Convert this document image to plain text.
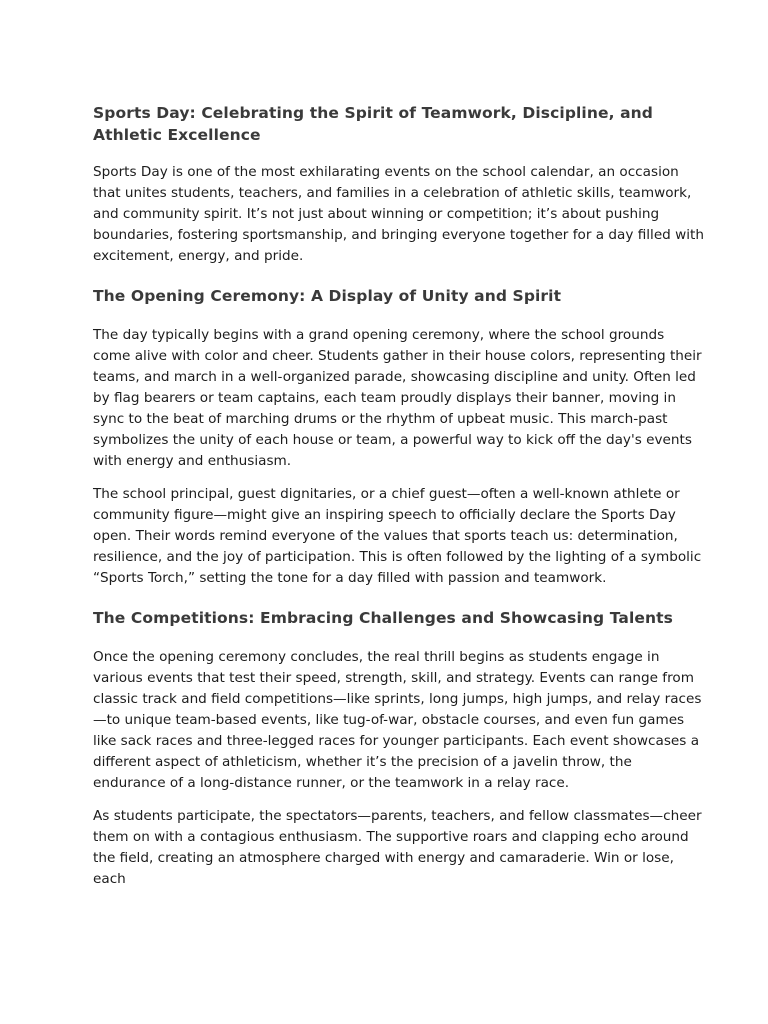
Sports Day: Celebrating the Spirit of Teamwork, Discipline, and Athletic Excellence

Sports Day is one of the most exhilarating events on the school calendar, an occasion that unites students, teachers, and families in a celebration of athletic skills, teamwork, and community spirit. It’s not just about winning or competition; it’s about pushing boundaries, fostering sportsmanship, and bringing everyone together for a day filled with excitement, energy, and pride.

The Opening Ceremony: A Display of Unity and Spirit

The day typically begins with a grand opening ceremony, where the school grounds come alive with color and cheer. Students gather in their house colors, representing their teams, and march in a well-organized parade, showcasing discipline and unity. Often led by flag bearers or team captains, each team proudly displays their banner, moving in sync to the beat of marching drums or the rhythm of upbeat music. This march-past symbolizes the unity of each house or team, a powerful way to kick off the day's events with energy and enthusiasm.

The school principal, guest dignitaries, or a chief guest—often a well-known athlete or community figure—might give an inspiring speech to officially declare the Sports Day open. Their words remind everyone of the values that sports teach us: determination, resilience, and the joy of participation. This is often followed by the lighting of a symbolic “Sports Torch,” setting the tone for a day filled with passion and teamwork.

The Competitions: Embracing Challenges and Showcasing Talents

Once the opening ceremony concludes, the real thrill begins as students engage in various events that test their speed, strength, skill, and strategy. Events can range from classic track and field competitions—like sprints, long jumps, high jumps, and relay races—to unique team-based events, like tug-of-war, obstacle courses, and even fun games like sack races and three-legged races for younger participants. Each event showcases a different aspect of athleticism, whether it’s the precision of a javelin throw, the endurance of a long-distance runner, or the teamwork in a relay race.

As students participate, the spectators—parents, teachers, and fellow classmates—cheer them on with a contagious enthusiasm. The supportive roars and clapping echo around the field, creating an atmosphere charged with energy and camaraderie. Win or lose, each
